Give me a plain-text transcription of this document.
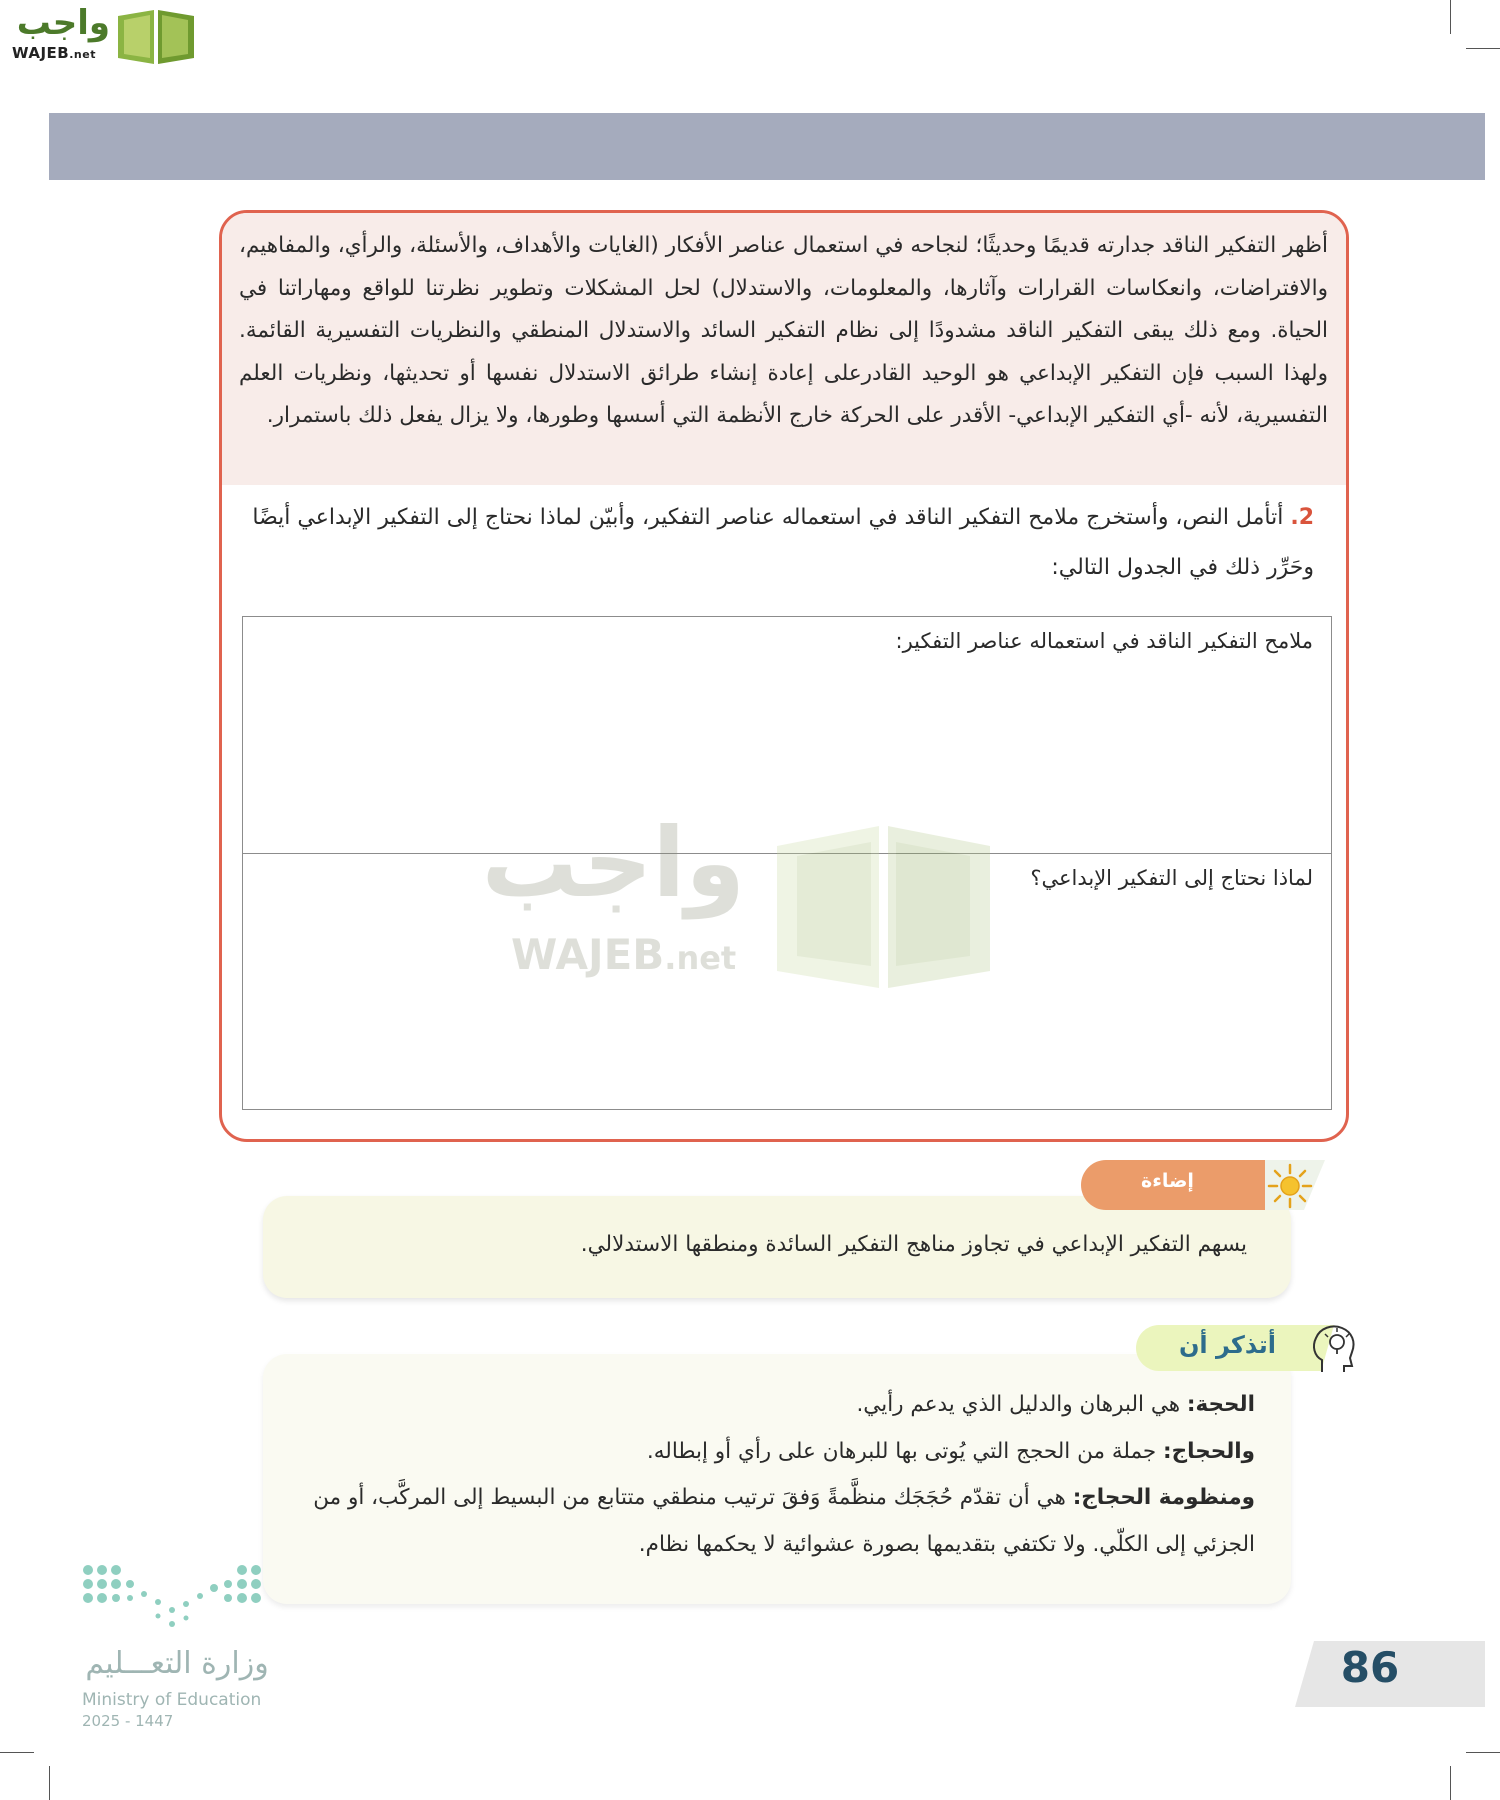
واجب
WAJEB.net
أظهر التفكير الناقد جدارته قديمًا وحديثًا؛ لنجاحه في استعمال عناصر الأفكار (الغايات والأهداف، والأسئلة، والرأي، والمفاهيم، والافتراضات، وانعكاسات القرارات وآثارها، والمعلومات، والاستدلال) لحل المشكلات وتطوير نظرتنا للواقع ومهاراتنا في الحياة. ومع ذلك يبقى التفكير الناقد مشدودًا إلى نظام التفكير السائد والاستدلال المنطقي والنظريات التفسيرية القائمة. ولهذا السبب فإن التفكير الإبداعي هو الوحيد القادرعلى إعادة إنشاء طرائق الاستدلال نفسها أو تحديثها، ونظريات العلم التفسيرية، لأنه -أي التفكير الإبداعي- الأقدر على الحركة خارج الأنظمة التي أسسها وطورها، ولا يزال يفعل ذلك باستمرار.
2. أتأمل النص، وأستخرج ملامح التفكير الناقد في استعماله عناصر التفكير، وأبيّن لماذا نحتاج إلى التفكير الإبداعي أيضًا وحَرِّر ذلك في الجدول التالي:
ملامح التفكير الناقد في استعماله عناصر التفكير:
لماذا نحتاج إلى التفكير الإبداعي؟
واجب
WAJEB.net
يسهم التفكير الإبداعي في تجاوز مناهج التفكير السائدة ومنطقها الاستدلالي.
إضاءة
الحجة: هي البرهان والدليل الذي يدعم رأيي.
والحجاج: جملة من الحجج التي يُوتى بها للبرهان على رأي أو إبطاله.
ومنظومة الحجاج: هي أن تقدّم حُجَجَك منظَّمةً وَفقَ ترتيب منطقي متتابع من البسيط إلى المركَّب، أو من
الجزئي إلى الكلّي. ولا تكتفي بتقديمها بصورة عشوائية لا يحكمها نظام.
أتذكر أن
وزارة التعـــليم
Ministry of Education
2025 - 1447
86
